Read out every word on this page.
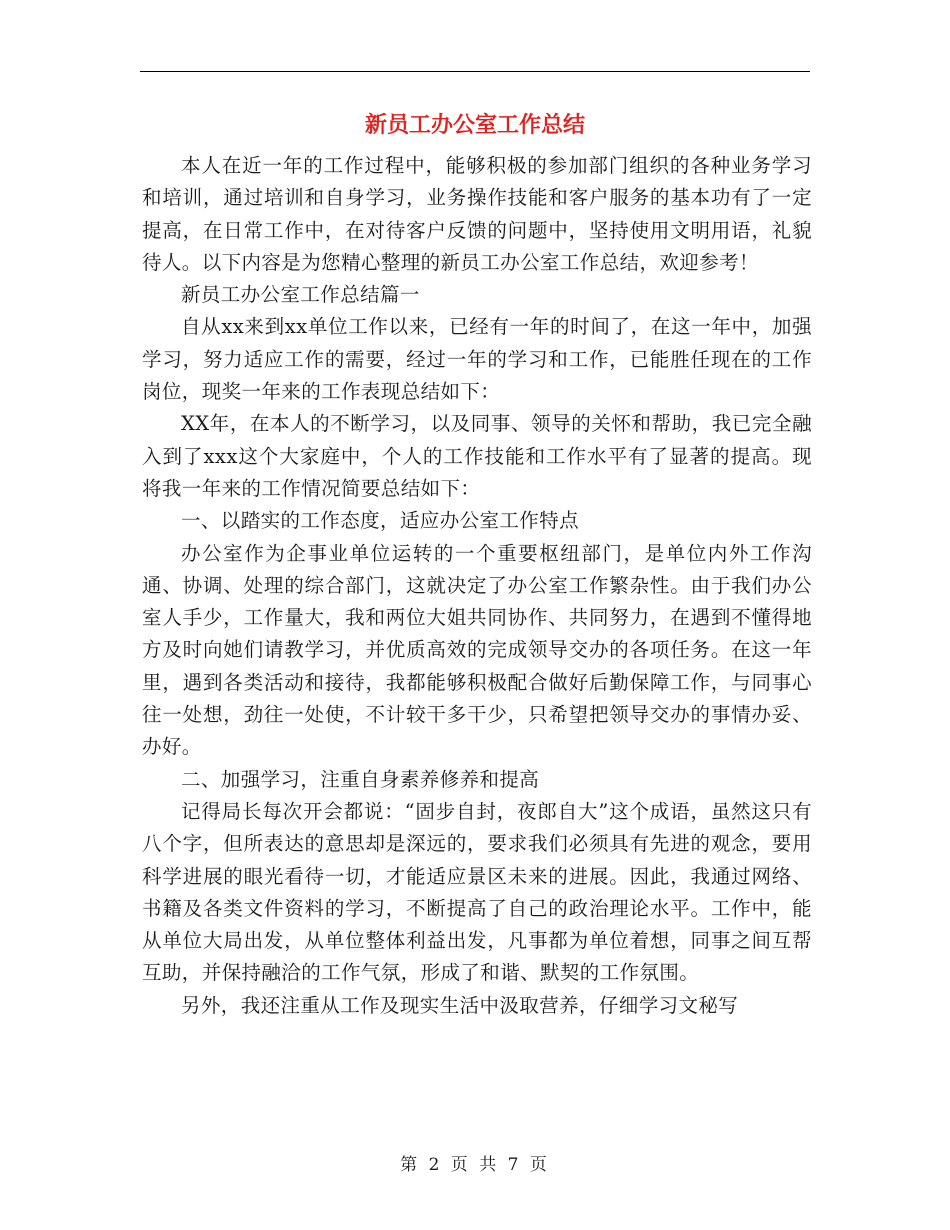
新员工办公室工作总结

本人在近一年的工作过程中，能够积极的参加部门组织的各种业务学习和培训，通过培训和自身学习，业务操作技能和客户服务的基本功有了一定提高，在日常工作中，在对待客户反馈的问题中，坚持使用文明用语，礼貌待人。以下内容是为您精心整理的新员工办公室工作总结，欢迎参考！

新员工办公室工作总结篇一

自从xx来到xx单位工作以来，已经有一年的时间了，在这一年中，加强学习，努力适应工作的需要，经过一年的学习和工作，已能胜任现在的工作岗位，现奖一年来的工作表现总结如下：

XX年，在本人的不断学习，以及同事、领导的关怀和帮助，我已完全融入到了xxx这个大家庭中，个人的工作技能和工作水平有了显著的提高。现将我一年来的工作情况简要总结如下：

一、以踏实的工作态度，适应办公室工作特点

办公室作为企事业单位运转的一个重要枢纽部门，是单位内外工作沟通、协调、处理的综合部门，这就决定了办公室工作繁杂性。由于我们办公室人手少，工作量大，我和两位大姐共同协作、共同努力，在遇到不懂得地方及时向她们请教学习，并优质高效的完成领导交办的各项任务。在这一年里，遇到各类活动和接待，我都能够积极配合做好后勤保障工作，与同事心往一处想，劲往一处使，不计较干多干少，只希望把领导交办的事情办妥、办好。

二、加强学习，注重自身素养修养和提高

记得局长每次开会都说：“固步自封，夜郎自大”这个成语，虽然这只有八个字，但所表达的意思却是深远的，要求我们必须具有先进的观念，要用科学进展的眼光看待一切，才能适应景区未来的进展。因此，我通过网络、书籍及各类文件资料的学习，不断提高了自己的政治理论水平。工作中，能从单位大局出发，从单位整体利益出发，凡事都为单位着想，同事之间互帮互助，并保持融洽的工作气氛，形成了和谐、默契的工作氛围。

另外，我还注重从工作及现实生活中汲取营养，仔细学习文秘写

第 2 页 共 7 页
